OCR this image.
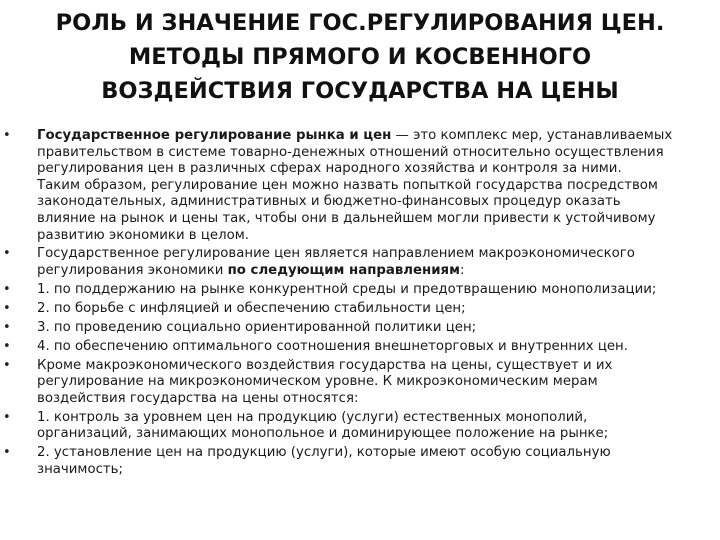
РОЛЬ И ЗНАЧЕНИЕ ГОС.РЕГУЛИРОВАНИЯ ЦЕН.
МЕТОДЫ ПРЯМОГО И КОСВЕННОГО
ВОЗДЕЙСТВИЯ ГОСУДАРСТВА НА ЦЕНЫ
•	Государственное регулирование рынка и цен — это комплекс мер, устанавливаемых
правительством в системе товарно-денежных отношений относительно осуществления
регулирования цен в различных сферах народного хозяйства и контроля за ними.
Таким образом, регулирование цен можно назвать попыткой государства посредством
законодательных, административных и бюджетно-финансовых процедур оказать
влияние на рынок и цены так, чтобы они в дальнейшем могли привести к устойчивому
развитию экономики в целом.
•	Государственное регулирование цен является направлением макроэкономического
регулирования экономики по следующим направлениям:
•	1. по поддержанию на рынке конкурентной среды и предотвращению монополизации;
•	2. по борьбе с инфляцией и обеспечению стабильности цен;
•	3. по проведению социально ориентированной политики цен;
•	4. по обеспечению оптимального соотношения внешнеторговых и внутренних цен.
•	Кроме макроэкономического воздействия государства на цены, существует и их
регулирование на микроэкономическом уровне. К микроэкономическим мерам
воздействия государства на цены относятся:
•	1. контроль за уровнем цен на продукцию (услуги) естественных монополий,
организаций, занимающих монопольное и доминирующее положение на рынке;
•	2. установление цен на продукцию (услуги), которые имеют особую социальную
значимость;
